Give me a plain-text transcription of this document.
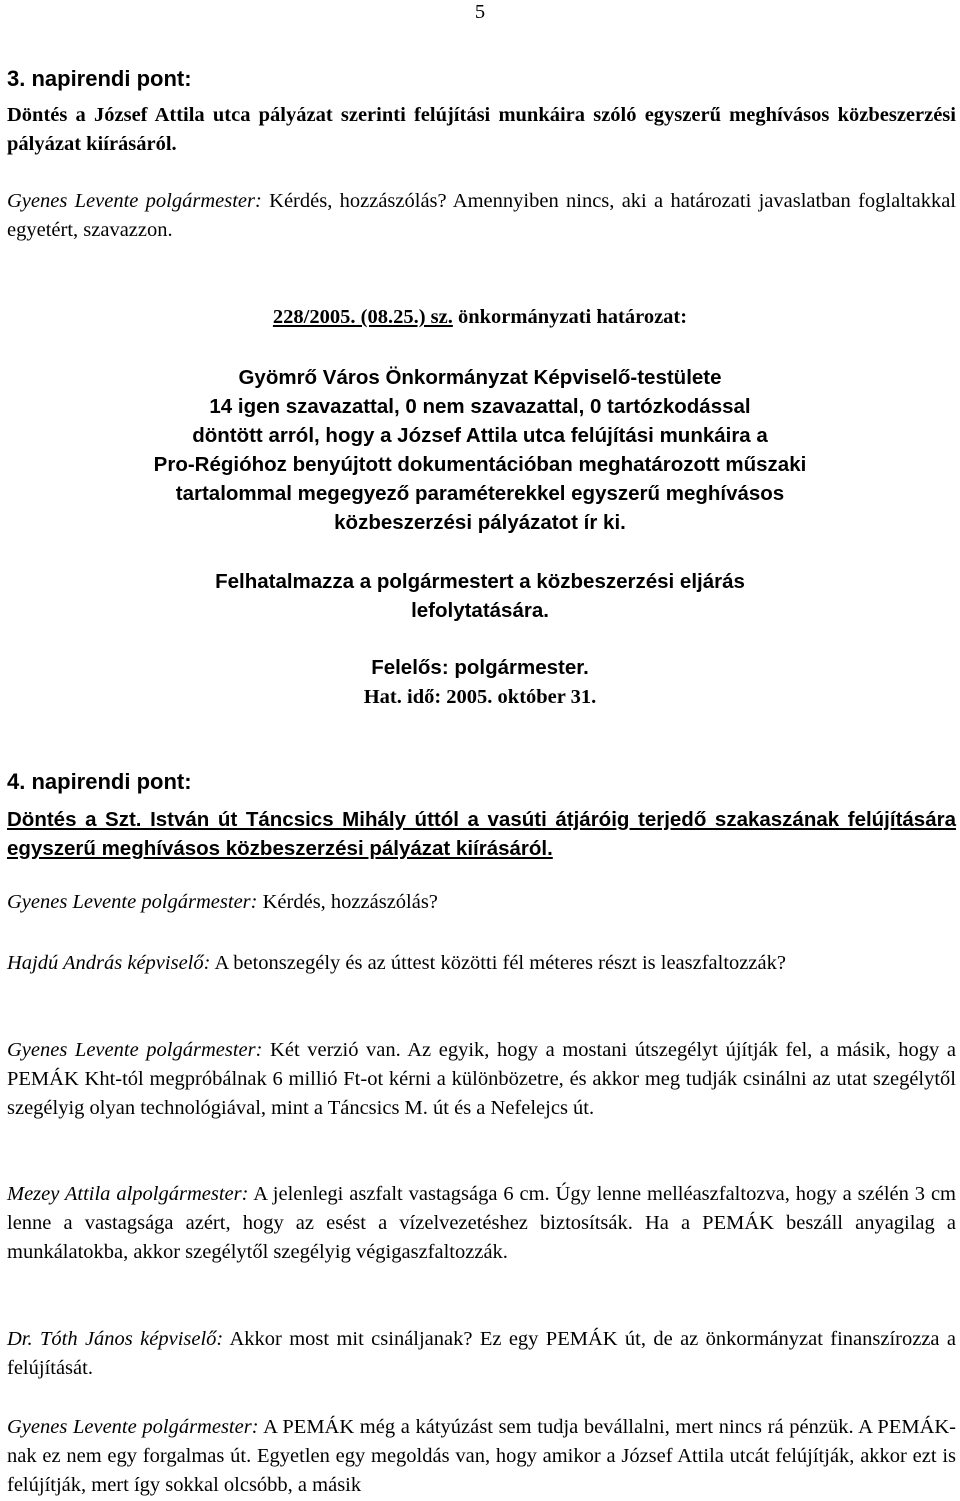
5

3. napirendi pont:

Döntés a József Attila utca pályázat szerinti felújítási munkáira szóló egyszerű meghívásos közbeszerzési pályázat kiírásáról.

Gyenes Levente polgármester: Kérdés, hozzászólás? Amennyiben nincs, aki a határozati javaslatban foglaltakkal egyetért, szavazzon.

228/2005. (08.25.) sz. önkormányzati határozat:

Gyömrő Város Önkormányzat Képviselő-testülete

14 igen szavazattal, 0 nem szavazattal, 0 tartózkodással

döntött arról, hogy a József Attila utca felújítási munkáira a

Pro-Régióhoz benyújtott dokumentációban meghatározott műszaki

tartalommal megegyező paraméterekkel egyszerű meghívásos

közbeszerzési pályázatot ír ki.

Felhatalmazza a polgármestert a közbeszerzési eljárás

lefolytatására.

Felelős: polgármester.

Hat. idő: 2005. október 31.

4. napirendi pont:

Döntés a Szt. István út Táncsics Mihály úttól a vasúti átjáróig terjedő szakaszának felújítására egyszerű meghívásos közbeszerzési pályázat kiírásáról.

Gyenes Levente polgármester: Kérdés, hozzászólás?

Hajdú András képviselő: A betonszegély és az úttest közötti fél méteres részt is leaszfaltozzák?

Gyenes Levente polgármester: Két verzió van. Az egyik, hogy a mostani útszegélyt újítják fel, a másik, hogy a PEMÁK Kht-tól megpróbálnak 6 millió Ft-ot kérni a különbözetre, és akkor meg tudják csinálni az utat szegélytől szegélyig olyan technológiával, mint a Táncsics M. út és a Nefelejcs út.

Mezey Attila alpolgármester: A jelenlegi aszfalt vastagsága 6 cm. Úgy lenne melléaszfaltozva, hogy a szélén 3 cm lenne a vastagsága azért, hogy az esést a vízelvezetéshez biztosítsák. Ha a PEMÁK beszáll anyagilag a munkálatokba, akkor szegélytől szegélyig végigaszfaltozzák.

Dr. Tóth János képviselő: Akkor most mit csináljanak? Ez egy PEMÁK út, de az önkormányzat finanszírozza a felújítását.

Gyenes Levente polgármester: A PEMÁK még a kátyúzást sem tudja bevállalni, mert nincs rá pénzük. A PEMÁK-nak ez nem egy forgalmas út. Egyetlen egy megoldás van, hogy amikor a József Attila utcát felújítják, akkor ezt is felújítják, mert így sokkal olcsóbb, a másik
